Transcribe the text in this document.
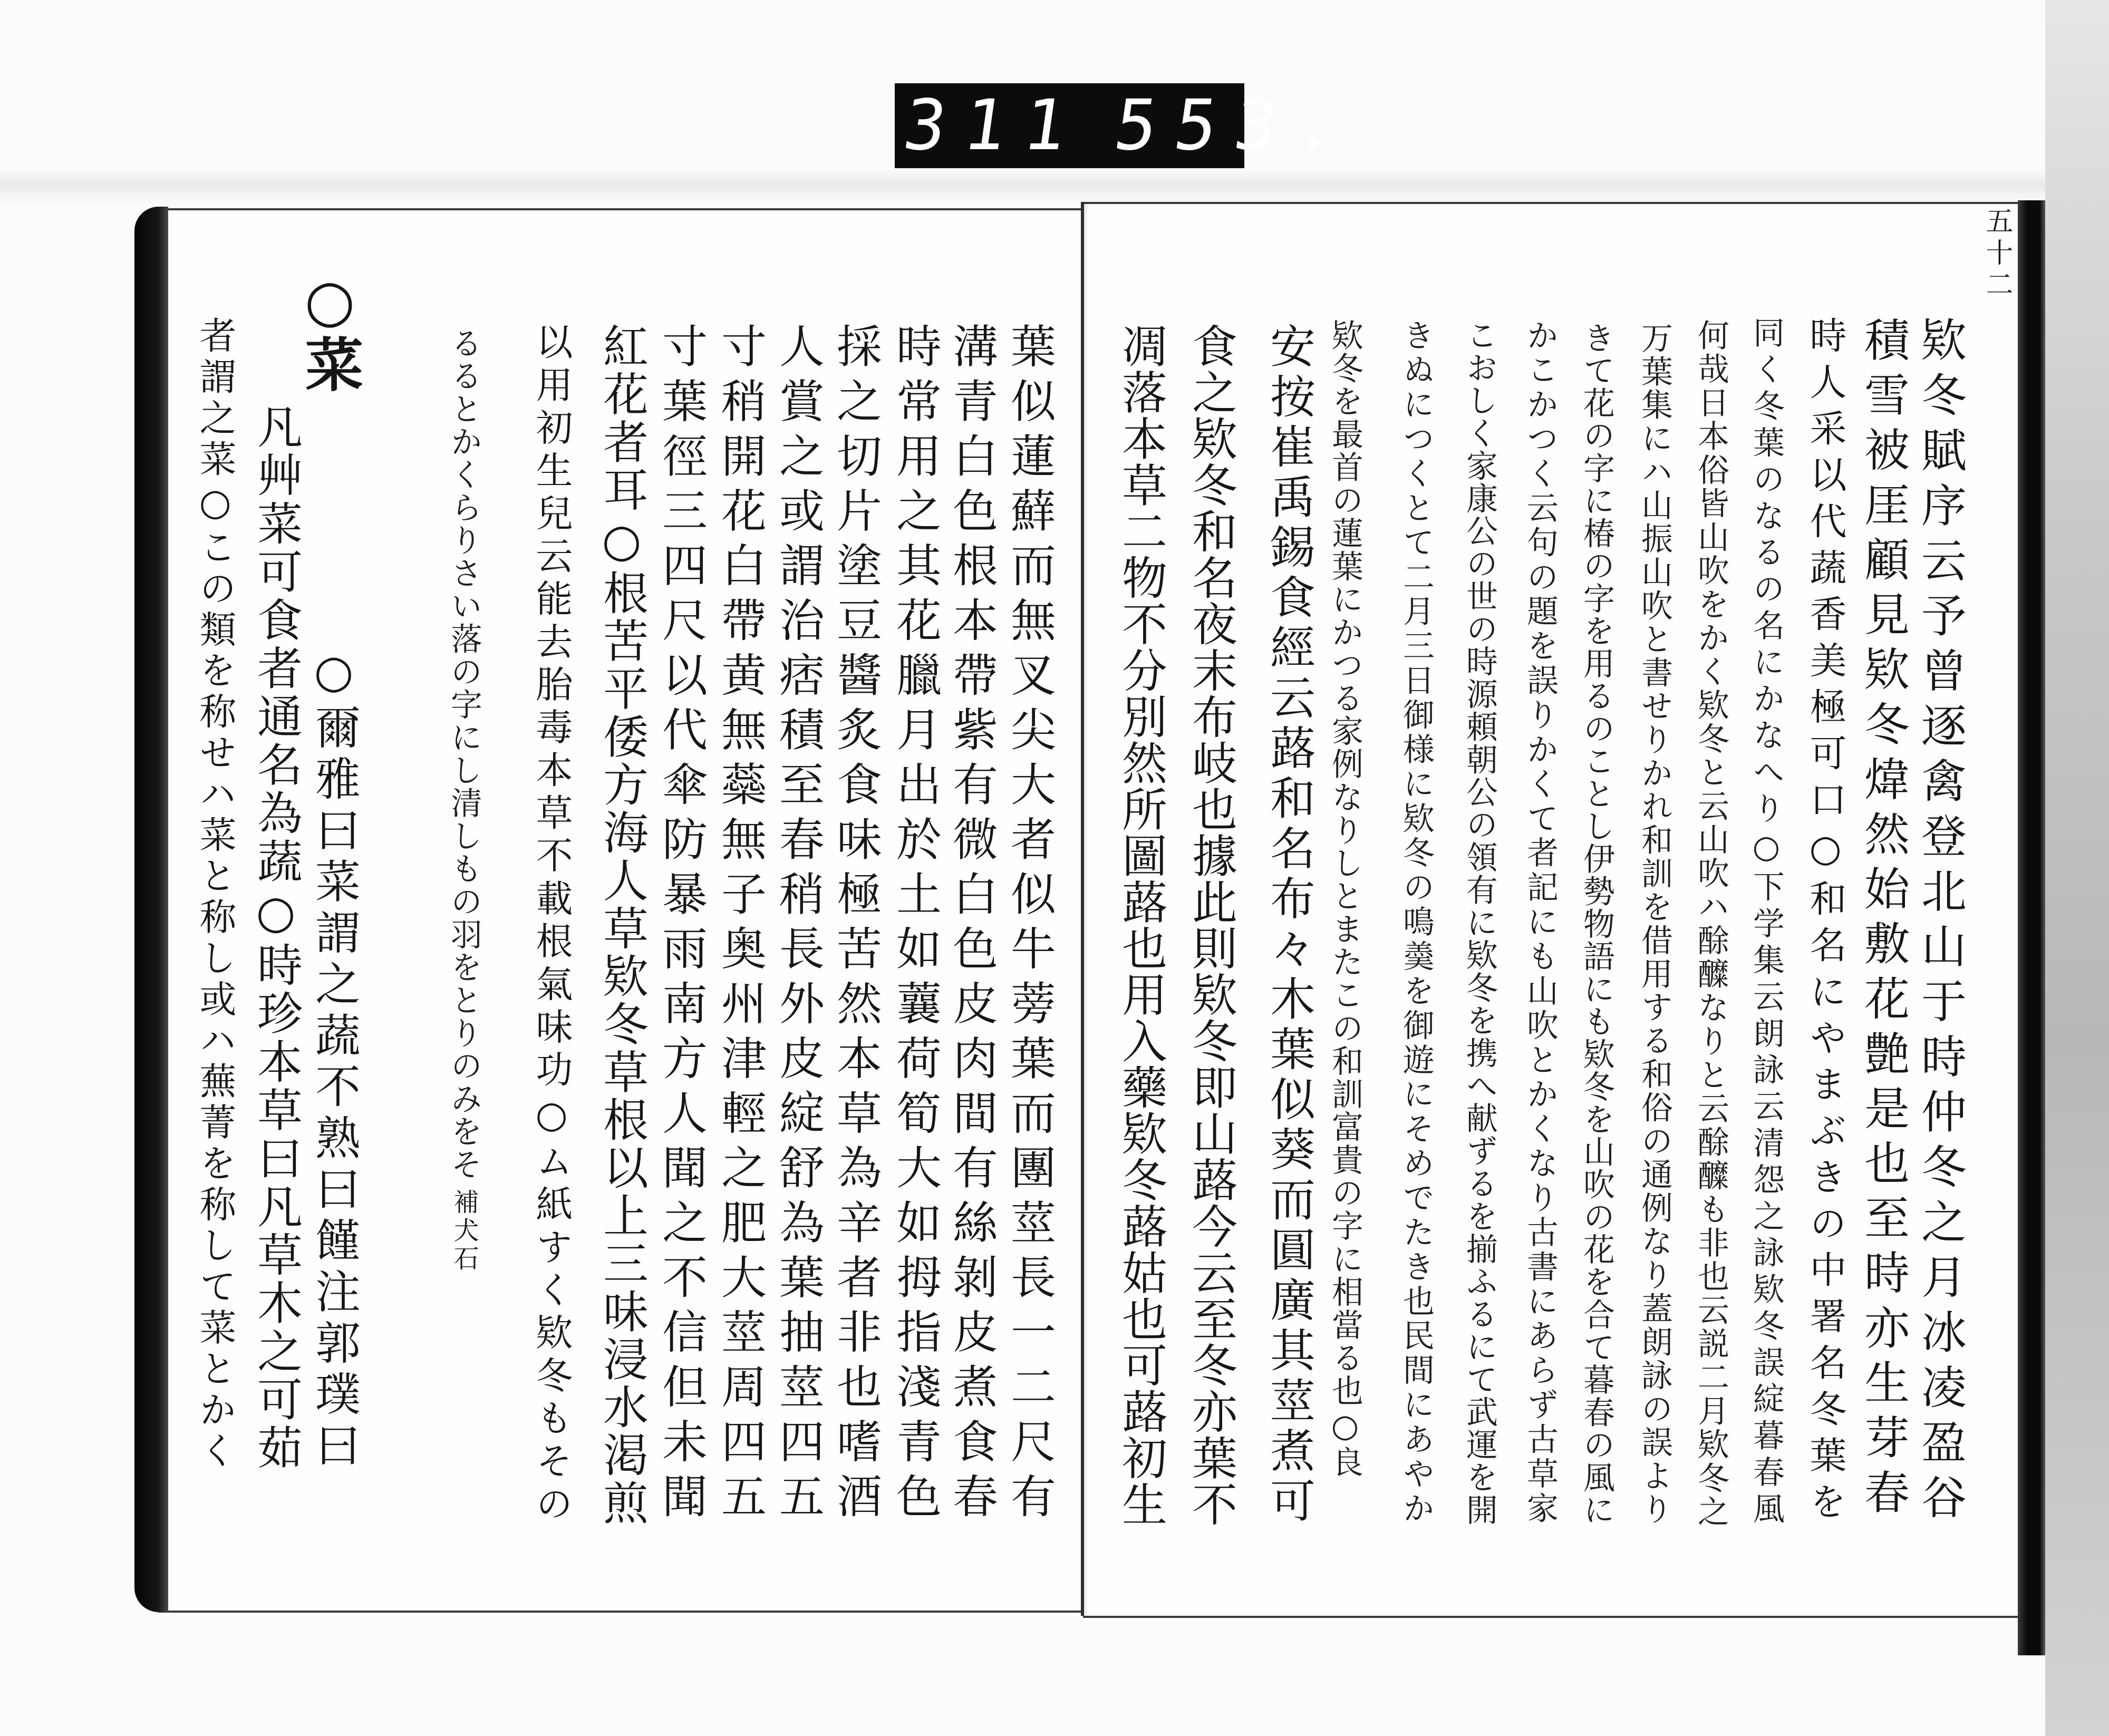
311 553.
五十二
欵冬賦序云予曾逐禽登北山于時仲冬之月冰凌盈谷
積雪被厓顧見欵冬煒然始敷花艶是也至時亦生芽春
時人采以代蔬香美極可口○和名にやまぶきの中署名冬葉を
同く冬葉のなるの名にかなへり○下学集云朗詠云清怨之詠欵冬誤綻暮春風
何哉日本俗皆山吹をかく欵冬と云山吹ハ酴醾なりと云酴醾も非也云説二月欵冬之
万葉集にハ山振山吹と書せりかれ和訓を借用する和俗の通例なり蓋朗詠の誤より
きて花の字に椿の字を用るのことし伊勢物語にも欵冬を山吹の花を合て暮春の風に
かこかつく云句の題を誤りかくて者記にも山吹とかくなり古書にあらず古草家
こおしく家康公の世の時源頼朝公の領有に欵冬を携へ献ずるを揃ふるにて武運を開
きぬにつくとて二月三日御様に欵冬の鳴羮を御遊にそめでたき也民間にあやか
欵冬を最首の蓮葉にかつる家例なりしとまたこの和訓富貴の字に相當る也○良
安按崔禹錫食經云蕗和名布々木葉似葵而圓廣其莖煮可
食之欵冬和名夜末布岐也據此則欵冬即山蕗今云至冬亦葉不
凋落本草二物不分別然所圖蕗也用入藥欵冬蕗姑也可蕗初生
葉似蓮蘚而無叉尖大者似牛蒡葉而團莖長一二尺有
溝青白色根本帶紫有微白色皮肉間有絲剝皮煮食春
時常用之其花臘月出於土如蘘荷筍大如拇指淺青色
採之切片塗豆醬炙食味極苦然本草為辛者非也嗜酒
人賞之或謂治痞積至春稍長外皮綻舒為葉抽莖四五
寸稍開花白帶黄無蘂無子奥州津輕之肥大莖周四五
寸葉徑三四尺以代傘防暴雨南方人聞之不信但未聞
紅花者耳○根苦平倭方海人草欵冬草根以上三味浸水渇煎
以用初生兒云能去胎毒本草不載根氣味功○ム紙すく欵冬もその
るるとかくらりさい落の字にし清しもの羽をとりのみをそ
補犬石
○菜
○爾雅曰菜謂之蔬不熟曰饉注郭璞曰
凡艸菜可食者通名為蔬○時珍本草曰凡草木之可茹
者謂之菜○この類を称せハ菜と称し或ハ蕪菁を称して菜とかく
